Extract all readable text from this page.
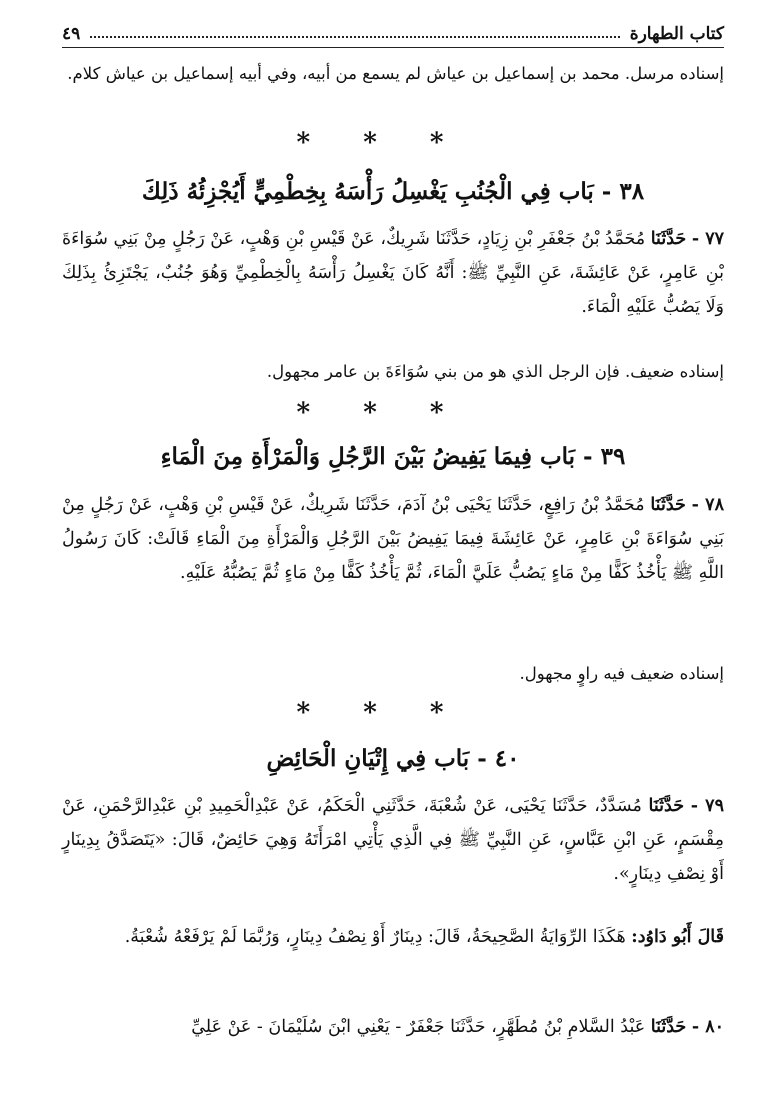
كتاب الطهارة
٤٩
إسناده مرسل. محمد بن إسماعيل بن عياش لم يسمع من أبيه، وفي أبيه إسماعيل بن عياش كلام.
* * *
٣٨ - بَاب فِي الْجُنُبِ يَغْسِلُ رَأْسَهُ بِخِطْمِيٍّ أَيُجْزِئُهُ ذَلِكَ
٧٧ - حَدَّثَنَا مُحَمَّدُ بْنُ جَعْفَرِ بْنِ زِيَادٍ، حَدَّثَنَا شَرِيكٌ، عَنْ قَيْسِ بْنِ وَهْبٍ، عَنْ رَجُلٍ مِنْ بَنِي سُوَاءَةَ بْنِ عَامِرٍ، عَنْ عَائِشَةَ، عَنِ النَّبِيِّ ﷺ: أَنَّهُ كَانَ يَغْسِلُ رَأْسَهُ بِالْخِطْمِيِّ وَهُوَ جُنُبٌ، يَجْتَزِئُ بِذَلِكَ وَلَا يَصُبُّ عَلَيْهِ الْمَاءَ.
إسناده ضعيف. فإن الرجل الذي هو من بني سُوَاءَةَ بن عامر مجهول.
* * *
٣٩ - بَاب فِيمَا يَفِيضُ بَيْنَ الرَّجُلِ وَالْمَرْأَةِ مِنَ الْمَاءِ
٧٨ - حَدَّثَنَا مُحَمَّدُ بْنُ رَافِعٍ، حَدَّثَنَا يَحْيَى بْنُ آدَمَ، حَدَّثَنَا شَرِيكٌ، عَنْ قَيْسِ بْنِ وَهْبٍ، عَنْ رَجُلٍ مِنْ بَنِي سُوَاءَةَ بْنِ عَامِرٍ، عَنْ عَائِشَةَ فِيمَا يَفِيضُ بَيْنَ الرَّجُلِ وَالْمَرْأَةِ مِنَ الْمَاءِ قَالَتْ: كَانَ رَسُولُ اللَّهِ ﷺ يَأْخُذُ كَفًّا مِنْ مَاءٍ يَصُبُّ عَلَيَّ الْمَاءَ، ثُمَّ يَأْخُذُ كَفًّا مِنْ مَاءٍ ثُمَّ يَصُبُّهُ عَلَيْهِ.
إسناده ضعيف فيه راوٍ مجهول.
* * *
٤٠ - بَاب فِي إِتْيَانِ الْحَائِضِ
٧٩ - حَدَّثَنَا مُسَدَّدٌ، حَدَّثَنَا يَحْيَى، عَنْ شُعْبَةَ، حَدَّثَنِي الْحَكَمُ، عَنْ عَبْدِالْحَمِيدِ بْنِ عَبْدِالرَّحْمَنِ، عَنْ مِقْسَمٍ، عَنِ ابْنِ عَبَّاسٍ، عَنِ النَّبِيِّ ﷺ فِي الَّذِي يَأْتِي امْرَأَتَهُ وَهِيَ حَائِضٌ، قَالَ: «يَتَصَدَّقُ بِدِينَارٍ أَوْ نِصْفِ دِينَارٍ».
قَالَ أَبُو دَاوُد: هَكَذَا الرِّوَايَةُ الصَّحِيحَةُ، قَالَ: دِينَارٌ أَوْ نِصْفُ دِينَارٍ، وَرُبَّمَا لَمْ يَرْفَعْهُ شُعْبَةُ.
٨٠ - حَدَّثَنَا عَبْدُ السَّلامِ بْنُ مُطَهَّرٍ، حَدَّثَنَا جَعْفَرٌ - يَعْنِي ابْنَ سُلَيْمَانَ - عَنْ عَلِيِّ
